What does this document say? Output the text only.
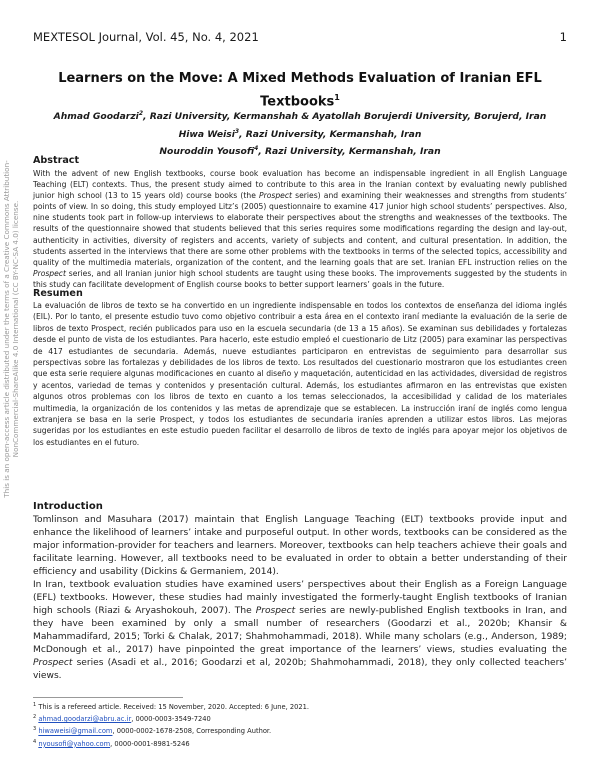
MEXTESOL Journal, Vol. 45, No. 4, 2021	1
This is an open-access article distributed under the terms of a Creative Commons Attribution-NonCommercial-ShareAlike 4.0 International (CC BY-NC-SA 4.0) license.
Learners on the Move: A Mixed Methods Evaluation of Iranian EFL Textbooks$^1$
Ahmad Goodarzi$^2$, Razi University, Kermanshah & Ayatollah Borujerdi University, Borujerd, Iran
Hiwa Weisi$^3$, Razi University, Kermanshah, Iran
Nouroddin Yousofi$^4$, Razi University, Kermanshah, Iran
Abstract
With the advent of new English textbooks, course book evaluation has become an indispensable ingredient in all English Language Teaching (ELT) contexts. Thus, the present study aimed to contribute to this area in the Iranian context by evaluating newly published junior high school (13 to 15 years old) course books (the Prospect series) and examining their weaknesses and strengths from students’ points of view. In so doing, this study employed Litz’s (2005) questionnaire to examine 417 junior high school students’ perspectives. Also, nine students took part in follow-up interviews to elaborate their perspectives about the strengths and weaknesses of the textbooks. The results of the questionnaire showed that students believed that this series requires some modifications regarding the design and lay-out, authenticity in activities, diversity of registers and accents, variety of subjects and content, and cultural presentation. In addition, the students asserted in the interviews that there are some other problems with the textbooks in terms of the selected topics, accessibility and quality of the multimedia materials, organization of the content, and the learning goals that are set. Iranian EFL instruction relies on the Prospect series, and all Iranian junior high school students are taught using these books. The improvements suggested by the students in this study can facilitate development of English course books to better support learners’ goals in the future.
Resumen
La evaluación de libros de texto se ha convertido en un ingrediente indispensable en todos los contextos de enseñanza del idioma inglés (EIL). Por lo tanto, el presente estudio tuvo como objetivo contribuir a esta área en el contexto iraní mediante la evaluación de la serie de libros de texto Prospect, recién publicados para uso en la escuela secundaria (de 13 a 15 años). Se examinan sus debilidades y fortalezas desde el punto de vista de los estudiantes. Para hacerlo, este estudio empleó el cuestionario de Litz (2005) para examinar las perspectivas de 417 estudiantes de secundaria. Además, nueve estudiantes participaron en entrevistas de seguimiento para desarrollar sus perspectivas sobre las fortalezas y debilidades de los libros de texto. Los resultados del cuestionario mostraron que los estudiantes creen que esta serie requiere algunas modificaciones en cuanto al diseño y maquetación, autenticidad en las actividades, diversidad de registros y acentos, variedad de temas y contenidos y presentación cultural. Además, los estudiantes afirmaron en las entrevistas que existen algunos otros problemas con los libros de texto en cuanto a los temas seleccionados, la accesibilidad y calidad de los materiales multimedia, la organización de los contenidos y las metas de aprendizaje que se establecen. La instrucción iraní de inglés como lengua extranjera se basa en la serie Prospect, y todos los estudiantes de secundaria iraníes aprenden a utilizar estos libros. Las mejoras sugeridas por los estudiantes en este estudio pueden facilitar el desarrollo de libros de texto de inglés para apoyar mejor los objetivos de los estudiantes en el futuro.
Introduction
Tomlinson and Masuhara (2017) maintain that English Language Teaching (ELT) textbooks provide input and enhance the likelihood of learners’ intake and purposeful output. In other words, textbooks can be considered as the major information-provider for teachers and learners. Moreover, textbooks can help teachers achieve their goals and facilitate learning. However, all textbooks need to be evaluated in order to obtain a better understanding of their efficiency and usability (Dickins & Germaniem, 2014).
In Iran, textbook evaluation studies have examined users’ perspectives about their English as a Foreign Language (EFL) textbooks. However, these studies had mainly investigated the formerly-taught English textbooks of Iranian high schools (Riazi & Aryashokouh, 2007). The Prospect series are newly-published English textbooks in Iran, and they have been examined by only a small number of researchers (Goodarzi et al., 2020b; Khansir & Mahammadifard, 2015; Torki & Chalak, 2017; Shahmohammadi, 2018). While many scholars (e.g., Anderson, 1989; McDonough et al., 2017) have pinpointed the great importance of the learners’ views, studies evaluating the Prospect series (Asadi et al., 2016; Goodarzi et al, 2020b; Shahmohammadi, 2018), they only collected teachers’ views.
$^1$ This is a refereed article. Received: 15 November, 2020. Accepted: 6 June, 2021.
$^2$ ahmad.goodarzi@abru.ac.ir, 0000-0003-3549-7240
$^3$ hiwaweisi@gmail.com, 0000-0002-1678-2508, Corresponding Author.
$^4$ nyousofi@yahoo.com, 0000-0001-8981-5246
